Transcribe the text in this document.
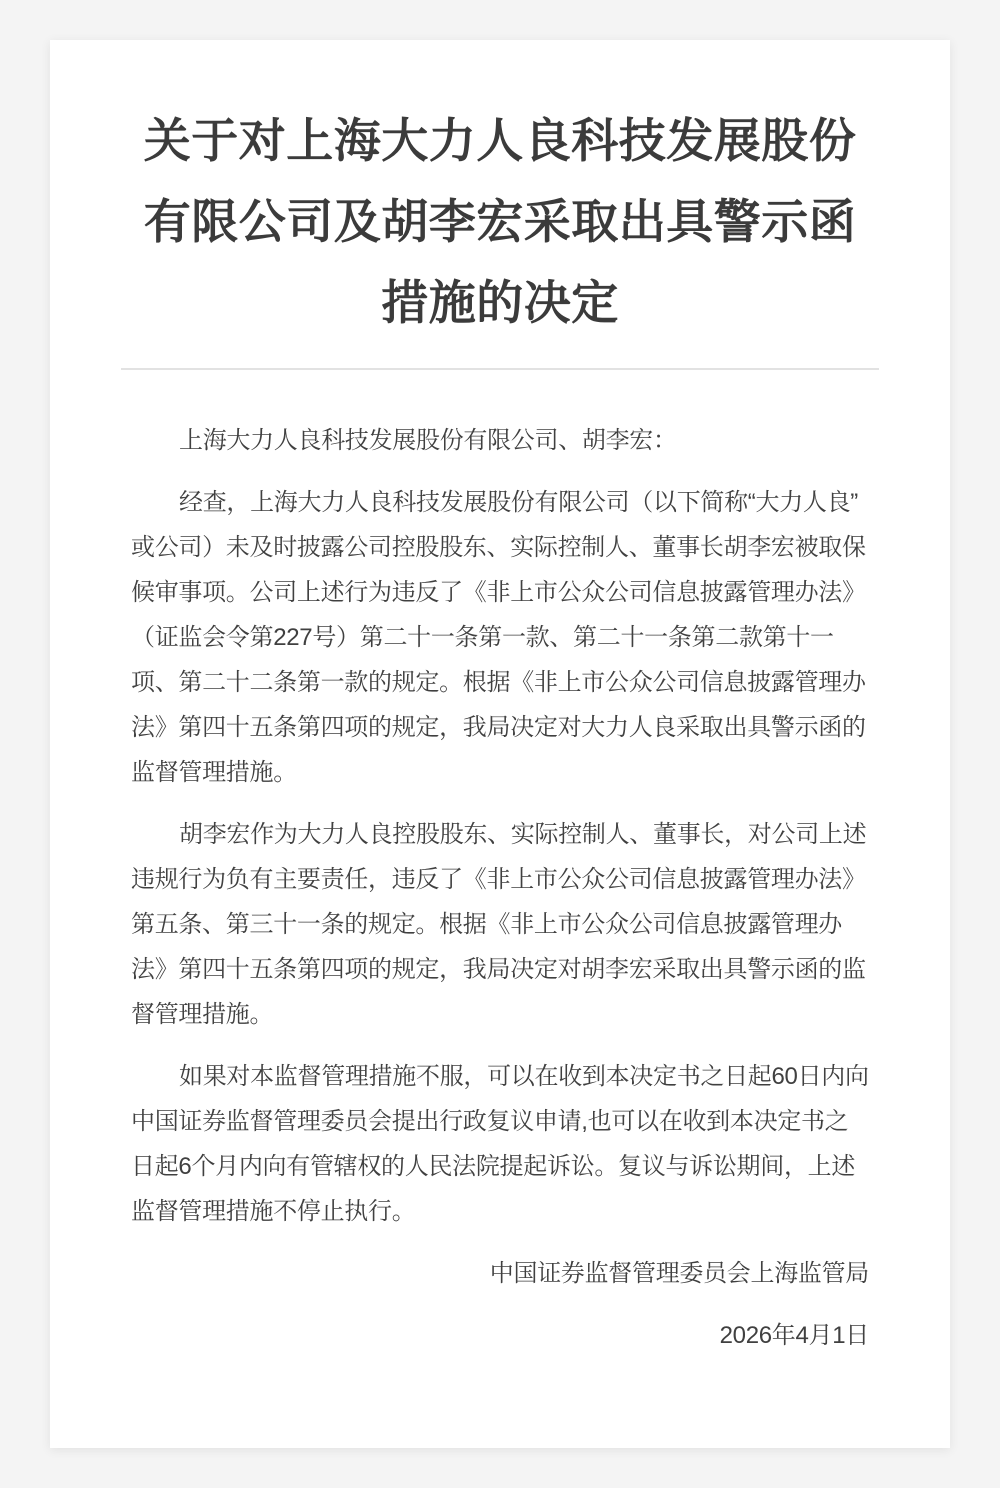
关于对上海大力人良科技发展股份有限公司及胡李宏采取出具警示函措施的决定

上海大力人良科技发展股份有限公司、胡李宏：

经查，上海大力人良科技发展股份有限公司（以下简称“大力人良”或公司）未及时披露公司控股股东、实际控制人、董事长胡李宏被取保候审事项。公司上述行为违反了《非上市公众公司信息披露管理办法》（证监会令第227号）第二十一条第一款、第二十一条第二款第十一项、第二十二条第一款的规定。根据《非上市公众公司信息披露管理办法》第四十五条第四项的规定，我局决定对大力人良采取出具警示函的监督管理措施。

胡李宏作为大力人良控股股东、实际控制人、董事长，对公司上述违规行为负有主要责任，违反了《非上市公众公司信息披露管理办法》第五条、第三十一条的规定。根据《非上市公众公司信息披露管理办法》第四十五条第四项的规定，我局决定对胡李宏采取出具警示函的监督管理措施。

如果对本监督管理措施不服，可以在收到本决定书之日起60日内向中国证券监督管理委员会提出行政复议申请,也可以在收到本决定书之日起6个月内向有管辖权的人民法院提起诉讼。复议与诉讼期间，上述监督管理措施不停止执行。

中国证券监督管理委员会上海监管局

2026年4月1日
